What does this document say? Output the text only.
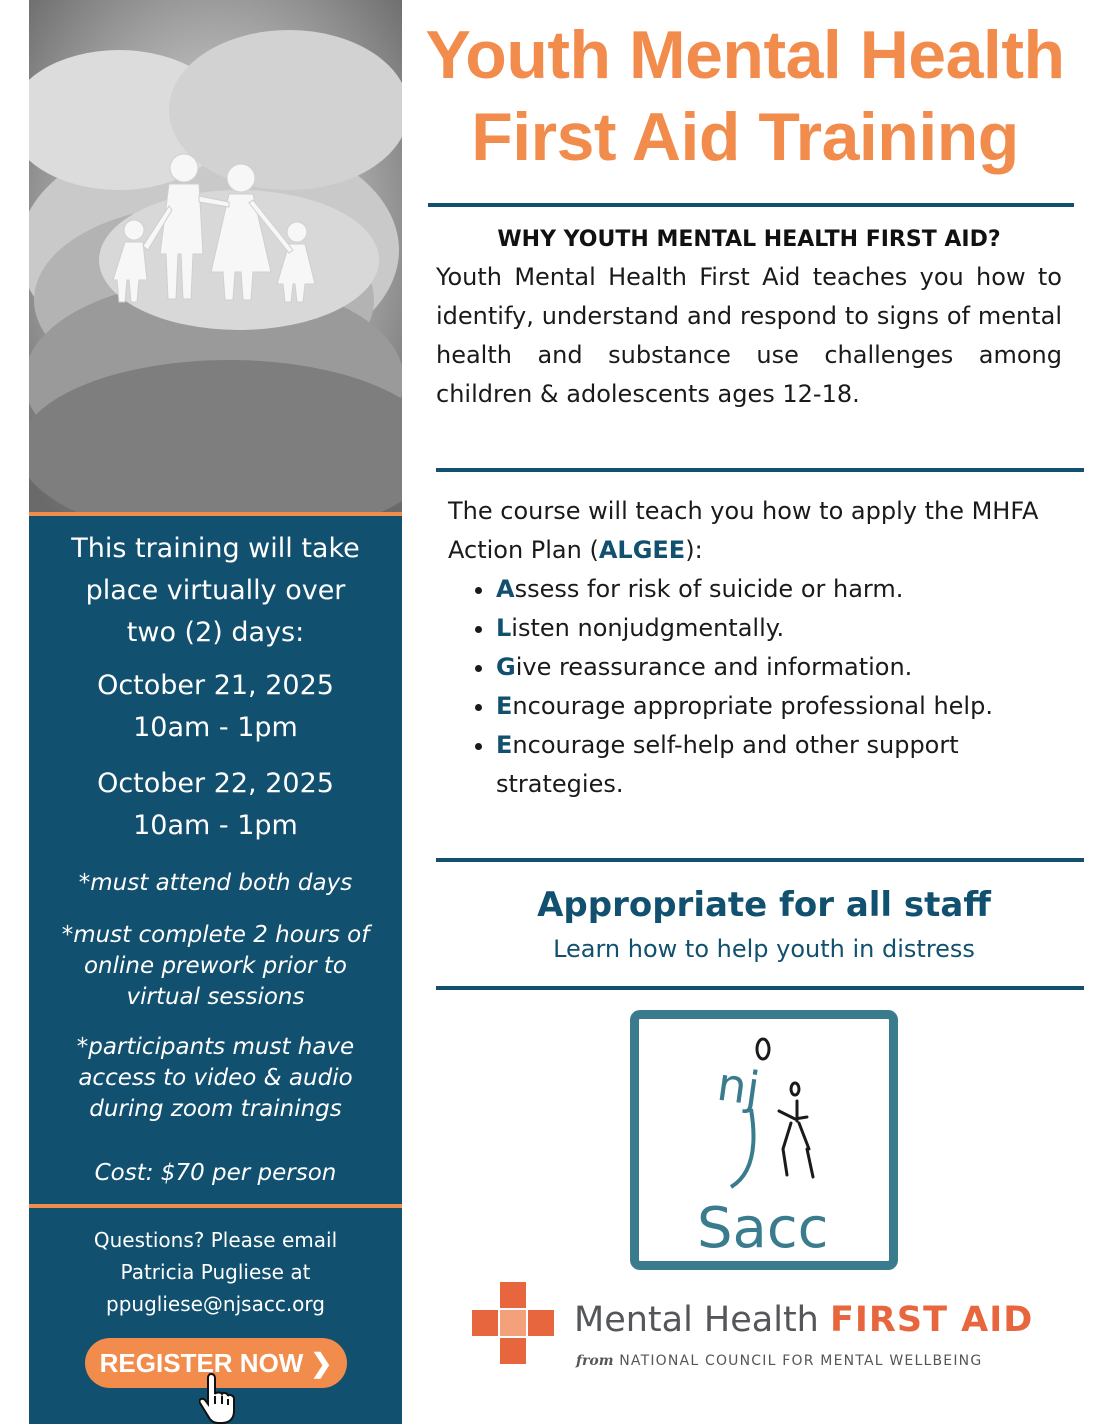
This training will take
place virtually over
two (2) days:
October 21, 2025
10am - 1pm
October 22, 2025
10am - 1pm
*must attend both days
*must complete 2 hours of
online prework prior to
virtual sessions
*participants must have
access to video & audio
during zoom trainings
Cost: $70 per person
Questions? Please email
Patricia Pugliese at
ppugliese@njsacc.org
REGISTER NOW ❯
Youth Mental Health
First Aid Training
WHY YOUTH MENTAL HEALTH FIRST AID?
Youth Mental Health First Aid teaches you how to identify, understand and respond to signs of mental health and substance use challenges among children & adolescents ages 12-18.
The course will teach you how to apply the MHFA Action Plan (ALGEE):
• Assess for risk of suicide or harm.
• Listen nonjudgmentally.
• Give reassurance and information.
• Encourage appropriate professional help.
• Encourage self-help and other support strategies.
Appropriate for all staff
Learn how to help youth in distress
nj
Sacc
Mental Health FIRST AID
from NATIONAL COUNCIL FOR MENTAL WELLBEING
